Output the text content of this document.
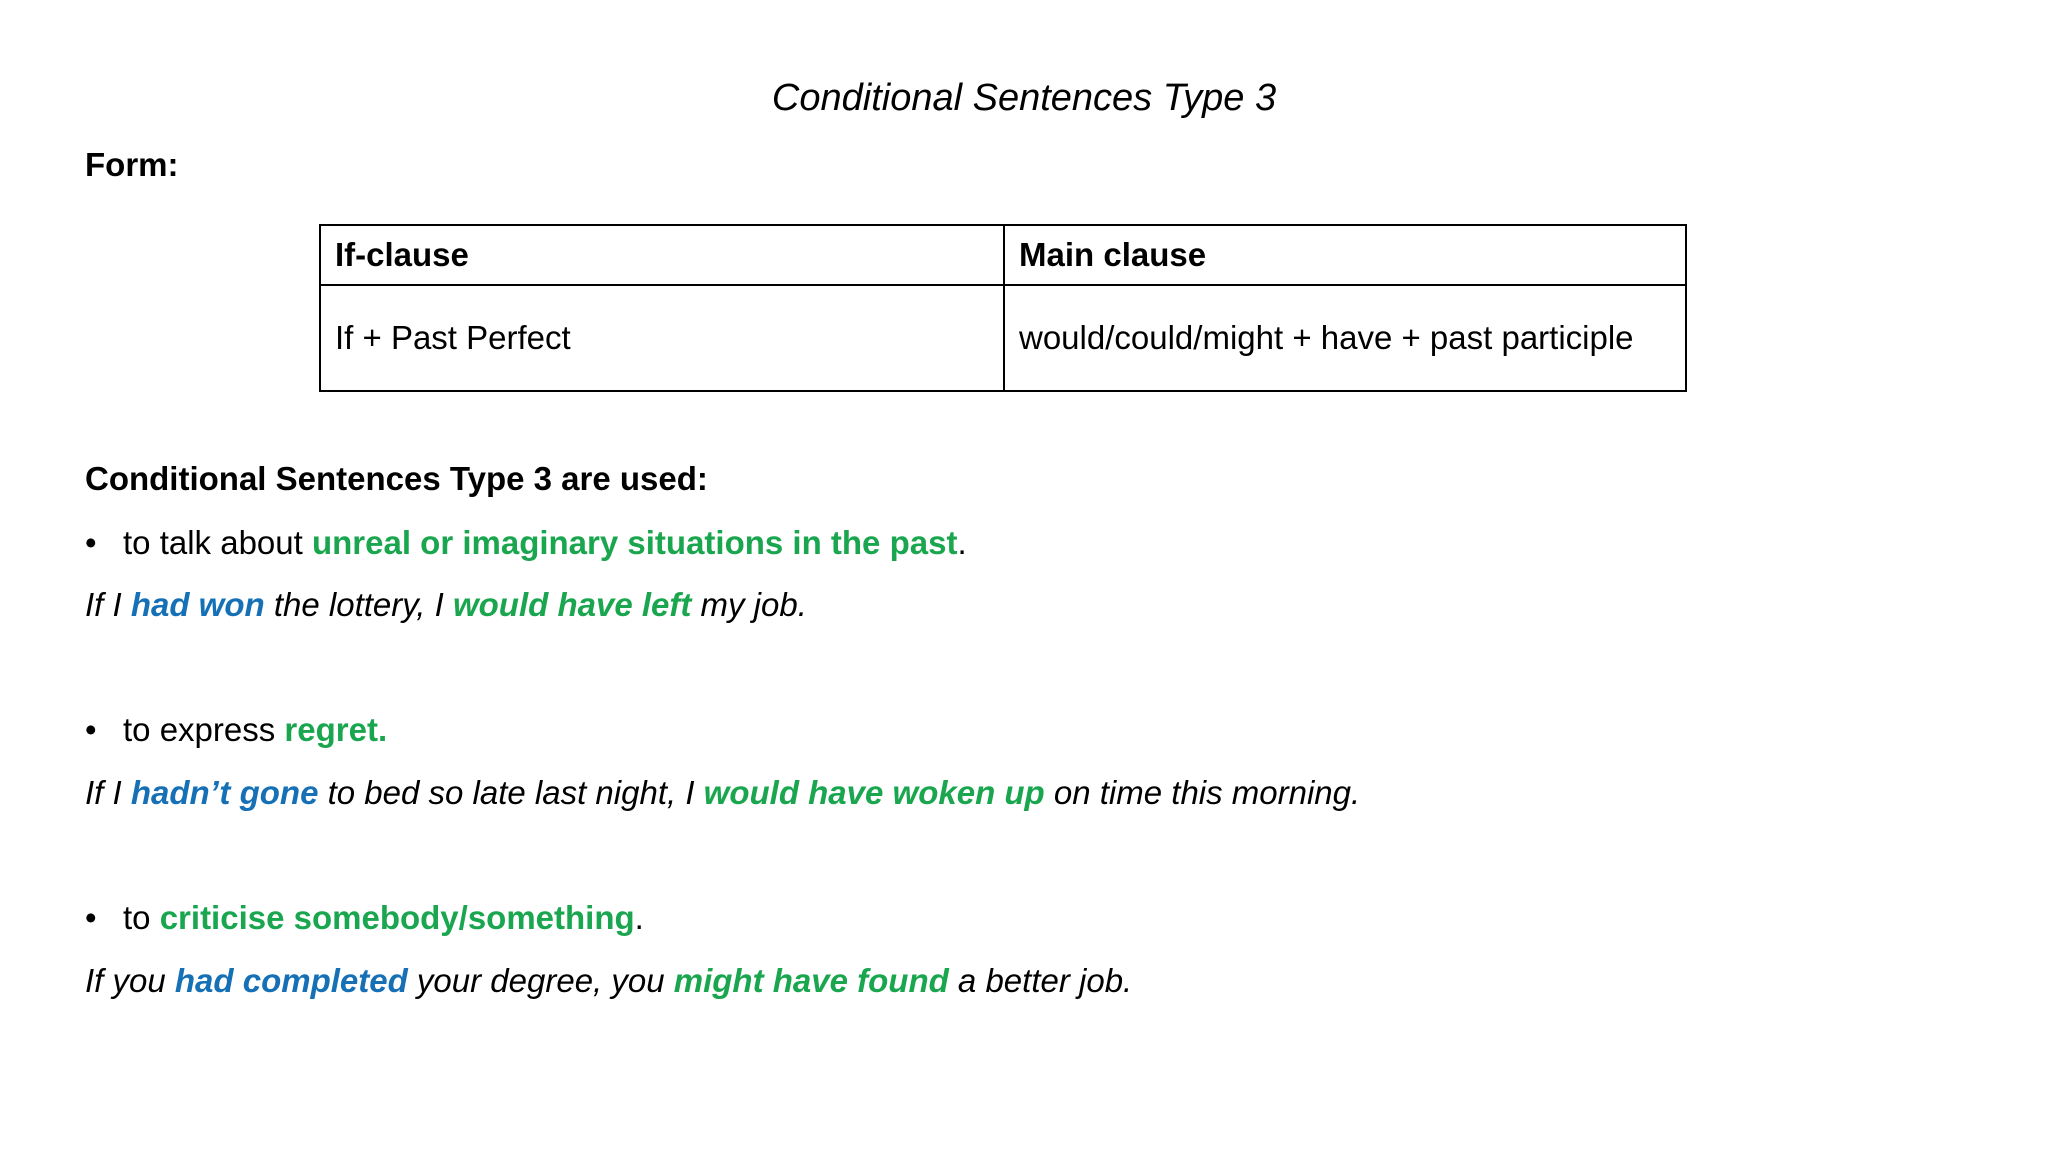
Conditional Sentences Type 3
Form:
If-clause	Main clause
If + Past Perfect	would/could/might + have + past participle
Conditional Sentences Type 3 are used:
• to talk about unreal or imaginary situations in the past.
If I had won the lottery, I would have left my job.
• to express regret.
If I hadn’t gone to bed so late last night, I would have woken up on time this morning.
• to criticise somebody/something.
If you had completed your degree, you might have found a better job.
